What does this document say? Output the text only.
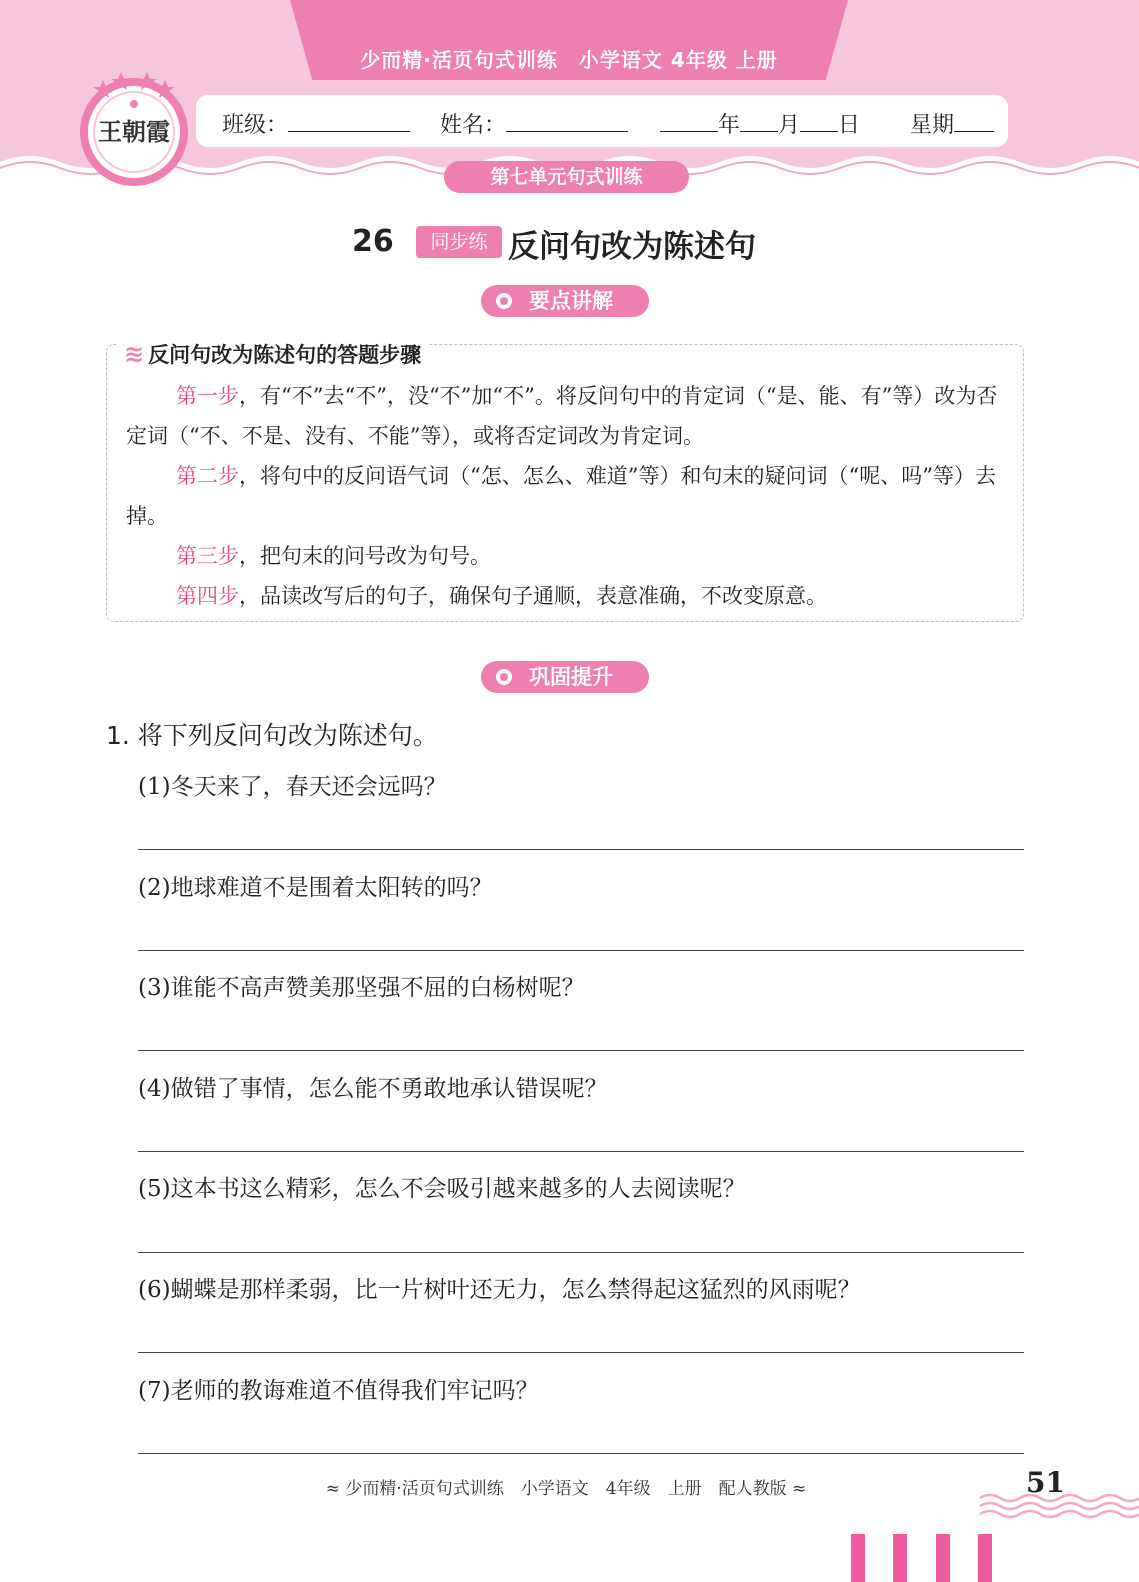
少而精·活页句式训练　小学语文 4年级 上册
班级：	姓名：	年 月 日 星期
第七单元句式训练
王朝霞
26	同步练 反问句改为陈述句
要点讲解
≋ 反问句改为陈述句的答题步骤
第一步，有“不”去“不”，没“不”加“不”。将反问句中的肯定词（“是、能、有”等）改为否定词（“不、不是、没有、不能”等），或将否定词改为肯定词。
第二步，将句中的反问语气词（“怎、怎么、难道”等）和句末的疑问词（“呢、吗”等）去掉。
第三步，把句末的问号改为句号。
第四步，品读改写后的句子，确保句子通顺，表意准确，不改变原意。
巩固提升
1. 将下列反问句改为陈述句。
(1)冬天来了，春天还会远吗？
(2)地球难道不是围着太阳转的吗？
(3)谁能不高声赞美那坚强不屈的白杨树呢？
(4)做错了事情，怎么能不勇敢地承认错误呢？
(5)这本书这么精彩，怎么不会吸引越来越多的人去阅读呢？
(6)蝴蝶是那样柔弱，比一片树叶还无力，怎么禁得起这猛烈的风雨呢？
(7)老师的教诲难道不值得我们牢记吗？
≈ 少而精·活页句式训练　小学语文　4年级　上册　配人教版 ≈	51
